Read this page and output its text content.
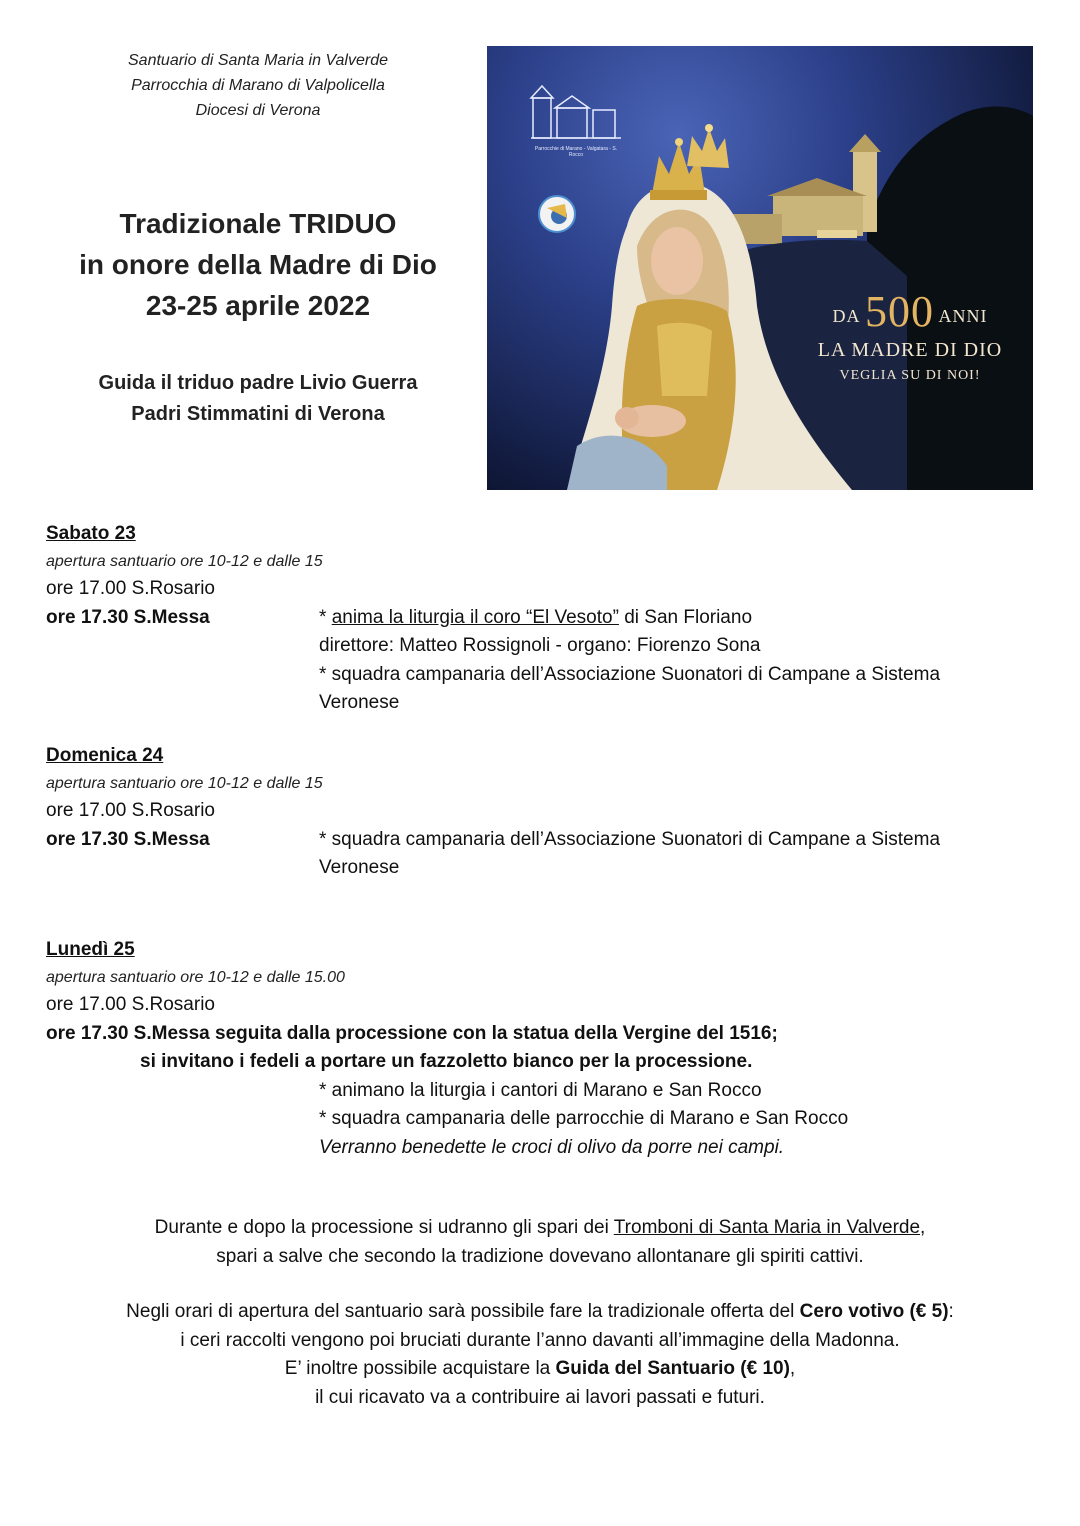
Santuario di Santa Maria in Valverde
Parrocchia di Marano di Valpolicella
Diocesi di Verona
Tradizionale TRIDUO
in onore della Madre di Dio
23-25 aprile 2022
Guida il triduo padre Livio Guerra
Padri Stimmatini di Verona
Parrocchie di Marano - Valgatara - S. Rocco
DA 500 ANNI
LA MADRE DI DIO
VEGLIA SU DI NOI!
Sabato 23
apertura santuario ore 10-12 e dalle 15
ore 17.00 S.Rosario
ore 17.30 S.Messa	* anima la liturgia il coro “El Vesoto” di San Floriano
direttore: Matteo Rossignoli - organo: Fiorenzo Sona
* squadra campanaria dell’Associazione Suonatori di Campane a Sistema Veronese
Domenica 24
apertura santuario ore 10-12 e dalle 15
ore 17.00 S.Rosario
ore 17.30 S.Messa	* squadra campanaria dell’Associazione Suonatori di Campane a Sistema Veronese
Lunedì 25
apertura santuario ore 10-12 e dalle 15.00
ore 17.00 S.Rosario
ore 17.30 S.Messa seguita dalla processione con la statua della Vergine del 1516;
si invitano i fedeli a portare un fazzoletto bianco per la processione.
* animano la liturgia i cantori di Marano e San Rocco
* squadra campanaria delle parrocchie di Marano e San Rocco
Verranno benedette le croci di olivo da porre nei campi.
Durante e dopo la processione si udranno gli spari dei Tromboni di Santa Maria in Valverde,
spari a salve che secondo la tradizione dovevano allontanare gli spiriti cattivi.
Negli orari di apertura del santuario sarà possibile fare la tradizionale offerta del Cero votivo (€ 5):
i ceri raccolti vengono poi bruciati durante l’anno davanti all’immagine della Madonna.
E’ inoltre possibile acquistare la Guida del Santuario (€ 10),
il cui ricavato va a contribuire ai lavori passati e futuri.
